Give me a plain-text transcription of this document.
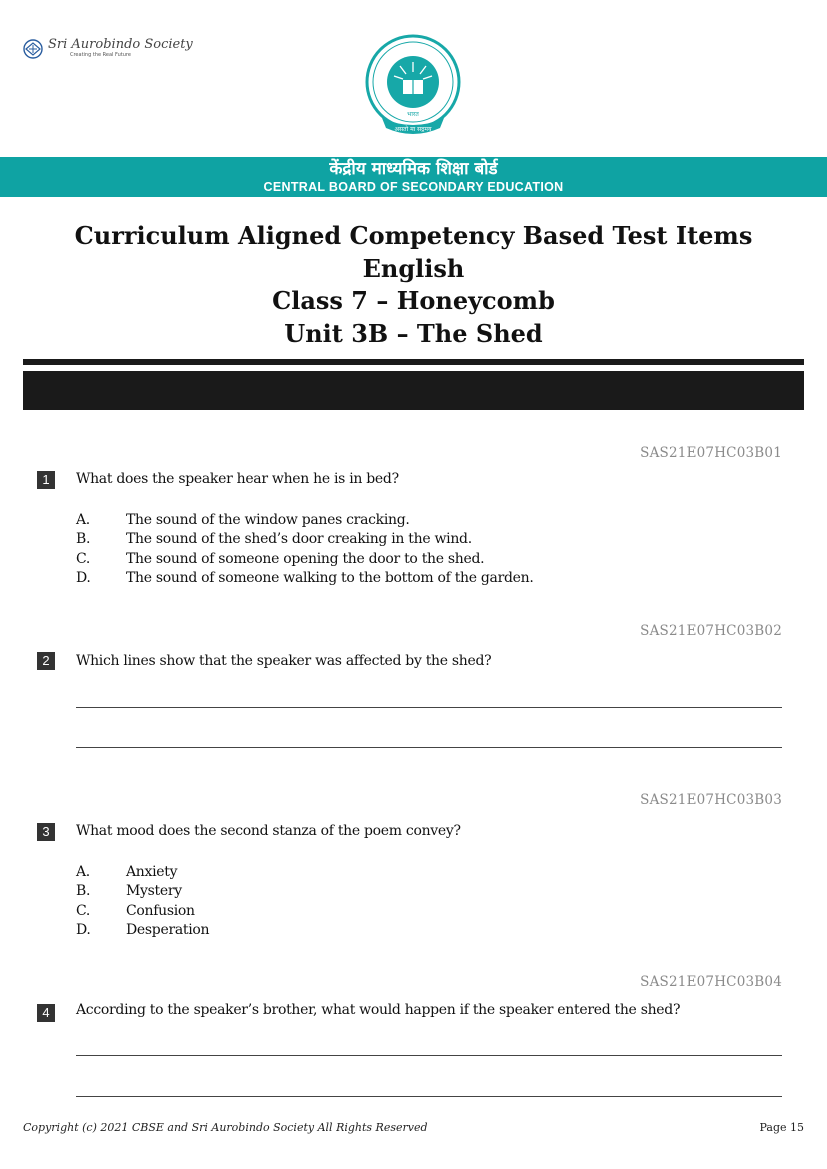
Sri Aurobindo Society
Creating the Real Future
असतो मा सद्गमय
भारत
केंद्रीय माध्यमिक शिक्षा बोर्ड
CENTRAL BOARD OF SECONDARY EDUCATION
Curriculum Aligned Competency Based Test Items
English
Class 7 – Honeycomb
Unit 3B – The Shed
SAS21E07HC03B01
1	What does the speaker hear when he is in bed?
A.	The sound of the window panes cracking.
B.	The sound of the shed’s door creaking in the wind.
C.	The sound of someone opening the door to the shed.
D.	The sound of someone walking to the bottom of the garden.
SAS21E07HC03B02
2	Which lines show that the speaker was affected by the shed?
SAS21E07HC03B03
3	What mood does the second stanza of the poem convey?
A.	Anxiety
B.	Mystery
C.	Confusion
D.	Desperation
SAS21E07HC03B04
4	According to the speaker’s brother, what would happen if the speaker entered the shed?
Copyright (c) 2021 CBSE and Sri Aurobindo Society All Rights Reserved	Page 15
